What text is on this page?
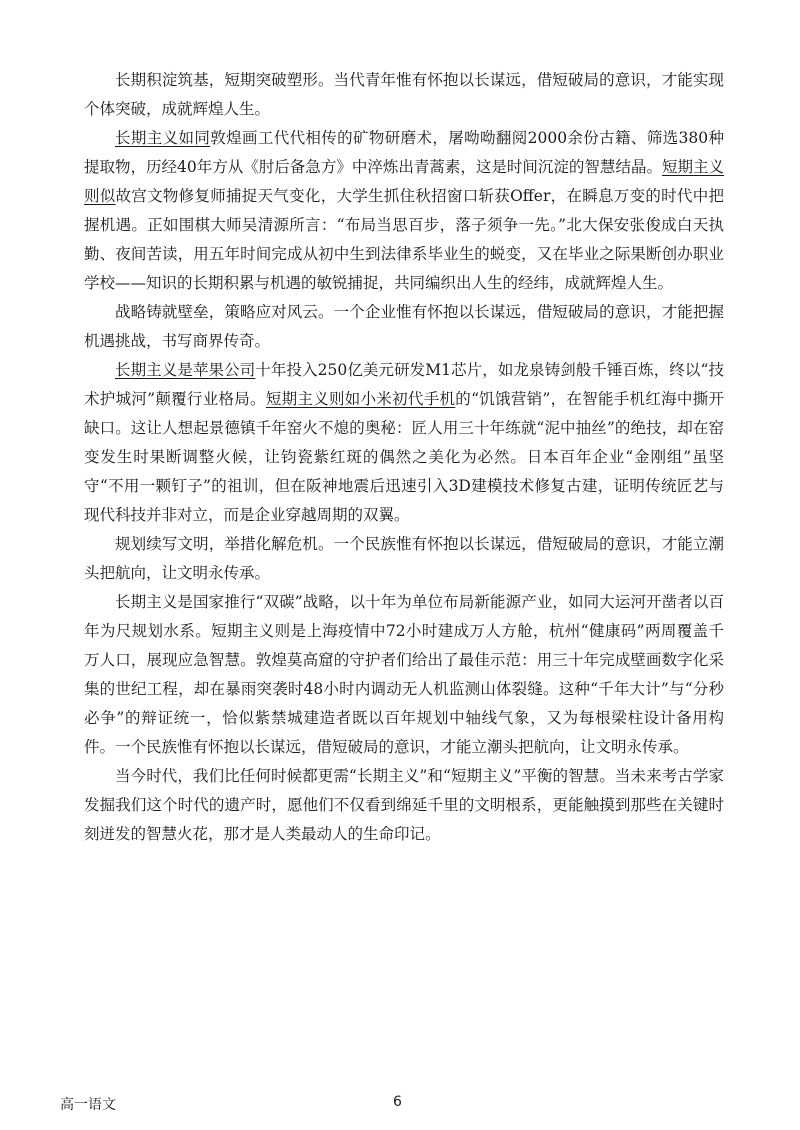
长期积淀筑基，短期突破塑形。当代青年惟有怀抱以长谋远，借短破局的意识，才能实现个体突破，成就辉煌人生。

长期主义如同敦煌画工代代相传的矿物研磨术，屠呦呦翻阅2000余份古籍、筛选380种提取物，历经40年方从《肘后备急方》中淬炼出青蒿素，这是时间沉淀的智慧结晶。短期主义则似故宫文物修复师捕捉天气变化，大学生抓住秋招窗口斩获Offer，在瞬息万变的时代中把握机遇。正如围棋大师吴清源所言：“布局当思百步，落子须争一先。”北大保安张俊成白天执勤、夜间苦读，用五年时间完成从初中生到法律系毕业生的蜕变，又在毕业之际果断创办职业学校——知识的长期积累与机遇的敏锐捕捉，共同编织出人生的经纬，成就辉煌人生。

战略铸就壁垒，策略应对风云。一个企业惟有怀抱以长谋远，借短破局的意识，才能把握机遇挑战，书写商界传奇。

长期主义是苹果公司十年投入250亿美元研发M1芯片，如龙泉铸剑般千锤百炼，终以“技术护城河”颠覆行业格局。短期主义则如小米初代手机的“饥饿营销”，在智能手机红海中撕开缺口。这让人想起景德镇千年窑火不熄的奥秘：匠人用三十年练就“泥中抽丝”的绝技，却在窑变发生时果断调整火候，让钧瓷紫红斑的偶然之美化为必然。日本百年企业“金刚组”虽坚守“不用一颗钉子”的祖训，但在阪神地震后迅速引入3D建模技术修复古建，证明传统匠艺与现代科技并非对立，而是企业穿越周期的双翼。

规划续写文明，举措化解危机。一个民族惟有怀抱以长谋远，借短破局的意识，才能立潮头把航向，让文明永传承。

长期主义是国家推行“双碳”战略，以十年为单位布局新能源产业，如同大运河开凿者以百年为尺规划水系。短期主义则是上海疫情中72小时建成万人方舱，杭州“健康码”两周覆盖千万人口，展现应急智慧。敦煌莫高窟的守护者们给出了最佳示范：用三十年完成壁画数字化采集的世纪工程，却在暴雨突袭时48小时内调动无人机监测山体裂缝。这种“千年大计”与“分秒必争”的辩证统一，恰似紫禁城建造者既以百年规划中轴线气象，又为每根梁柱设计备用构件。一个民族惟有怀抱以长谋远，借短破局的意识，才能立潮头把航向，让文明永传承。

当今时代，我们比任何时候都更需“长期主义”和“短期主义”平衡的智慧。当未来考古学家发掘我们这个时代的遗产时，愿他们不仅看到绵延千里的文明根系，更能触摸到那些在关键时刻迸发的智慧火花，那才是人类最动人的生命印记。

高一语文	6
